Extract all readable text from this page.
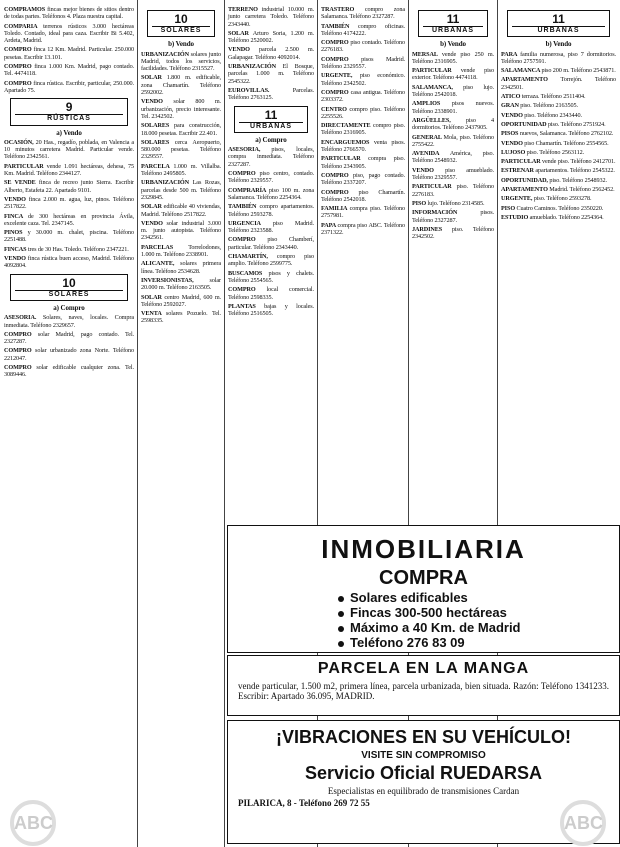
COMPRAMOS fincas mejor bienes de sitios dentro de todas partes. Teléfonos 4. Plaza nuestra capital.

COMPARIA terrenos rústicos 3.000 hectáreas Toledo. Contado, ideal para caza. Escribir Bi 5.402, Ardeta, Madrid.

COMPRO finca 12 Km. Madrid. Particular. 250.000 pesetas. Escribir 13.101.

COMPRO finca 1.000 Km. Madrid, pago contado. Tel. 4474118.

COMPRO finca rústica. Escribir, particular, 250.000. Apartado 75.

9
RÚSTICAS
a) Vendo

OCASIÓN, 20 Has., regadío, poblada, en Valencia a 10 minutos carretera Madrid. Particular vende. Teléfono 2342561.

PARTICULAR vende 1.091 hectáreas, dehesa, 75 Km. Madrid. Teléfono 2344127.

SE VENDE finca de recreo junto Sierra. Escribir Alberto, Estafeta 22. Apartado 9101.

VENDO finca 2.000 m. agua, luz, pinos. Teléfono 2517822.

FINCA de 300 hectáreas en provincia Ávila, excelente caza. Tel. 2347145.

PINOS y 30.000 m. chalet, piscina. Teléfono 2251488.

FINCAS tres de 30 Has. Toledo. Teléfono 2347221.

VENDO finca rústica buen acceso, Madrid. Teléfono 4092804.

10
SOLARES
a) Compro

ASESORIA. Solares, naves, locales. Compra inmediata. Teléfono 2329657.

COMPRO solar Madrid, pago contado. Tel. 2327287.

COMPRO solar urbanizado zona Norte. Teléfono 2212047.

COMPRO solar edificable cualquier zona. Tel. 3089446.

10
SOLARES
b) Vendo

URBANIZACIÓN solares junto Madrid, todos los servicios, facilidades. Teléfono 2315527.

SOLAR 1.800 m. edificable, zona Chamartín. Teléfono 2592002.

VENDO solar 800 m. urbanización, precio interesante. Tel. 2342502.

SOLARES para construcción, 18.000 pesetas. Escribir 22.401.

SOLARES cerca Aeropuerto, 580.000 pesetas. Teléfono 2329557.

PARCELA 1.000 m. Villalba. Teléfono 2495805.

URBANIZACIÓN Las Rozas, parcelas desde 500 m. Teléfono 2329845.

SOLAR edificable 40 viviendas, Madrid. Teléfono 2517822.

VENDO solar industrial 3.000 m. junto autopista. Teléfono 2342561.

PARCELAS Torrelodones, 1.000 m. Teléfono 2338901.

ALICANTE, solares primera línea. Teléfono 2534628.

INVERSIONISTAS, solar 20.000 m. Teléfono 2163505.

SOLAR centro Madrid, 600 m. Teléfono 2592027.

VENTA solares Pozuelo. Tel. 2598335.

TERRENO industrial 10.000 m. junto carretera Toledo. Teléfono 2343440.

SOLAR Arturo Soria, 1.200 m. Teléfono 2520002.

VENDO parcela 2.500 m. Galapagar. Teléfono 4092014.

URBANIZACIÓN El Bosque, parcelas 1.000 m. Teléfono 2545322.

EUROVILLAS. Parcelas. Teléfono 2763125.

11
URBANAS
a) Compro

ASESORIA, pisos, locales, compra inmediata. Teléfono 2327287.

COMPRO piso centro, contado. Teléfono 2329557.

COMPRARÍA piso 100 m. zona Salamanca. Teléfono 2254364.

TAMBIÉN compro apartamentos. Teléfono 2593278.

URGENCIA piso Madrid. Teléfono 2323588.

COMPRO piso Chamberí, particular. Teléfono 2343440.

CHAMARTÍN, compro piso amplio. Teléfono 2599775.

BUSCAMOS pisos y chalets. Teléfono 2554565.

COMPRO local comercial. Teléfono 2598335.

PLANTAS bajas y locales. Teléfono 2516505.

TRASTERO compro zona Salamanca. Teléfono 2327287.

TAMBIÉN compro oficinas. Teléfono 4174222.

COMPRO piso contado. Teléfono 2276183.

COMPRO pisos Madrid. Teléfono 2329557.

URGENTE, piso económico. Teléfono 2342502.

COMPRO casa antigua. Teléfono 2303372.

CENTRO compro piso. Teléfono 2255526.

DIRECTAMENTE compro piso. Teléfono 2316905.

ENCARGUEMOS venta pisos. Teléfono 2766570.

PARTICULAR compra piso. Teléfono 2343905.

COMPRO piso, pago contado. Teléfono 2337207.

COMPRO piso Chamartín. Teléfono 2542018.

FAMILIA compra piso. Teléfono 2757981.

PAPA compra piso ABC. Teléfono 2371322.

11
URBANAS
b) Vendo

MERSAL vende piso 250 m. Teléfono 2316905.

PARTICULAR vende piso exterior. Teléfono 4474118.

SALAMANCA, piso lujo. Teléfono 2542018.

AMPLIOS pisos nuevos. Teléfono 2338901.

ARGÜELLES, piso 4 dormitorios. Teléfono 2437905.

GENERAL Mola, piso. Teléfono 2755422.

AVENIDA América, piso. Teléfono 2548932.

VENDO piso amueblado. Teléfono 2329557.

PARTICULAR piso. Teléfono 2276183.

PISO lujo. Teléfono 2314585.

INFORMACIÓN pisos. Teléfono 2327287.

JARDINES piso. Teléfono 2342502.

11
URBANAS
b) Vendo

PARA familia numerosa, piso 7 dormitorios. Teléfono 2757591.

SALAMANCA piso 200 m. Teléfono 2543871.

APARTAMENTO Torrejón. Teléfono 2342501.

ATICO terraza. Teléfono 2511404.

GRAN piso. Teléfono 2163505.

VENDO piso. Teléfono 2343440.

OPORTUNIDAD piso. Teléfono 2751924.

PISOS nuevos, Salamanca. Teléfono 2762102.

VENDO piso Chamartín. Teléfono 2554565.

LUJOSO piso. Teléfono 2563112.

PARTICULAR vende piso. Teléfono 2412701.

ESTRENAR apartamentos. Teléfono 2545322.

OPORTUNIDAD, piso. Teléfono 2548932.

APARTAMENTO Madrid. Teléfono 2562452.

URGENTE, piso. Teléfono 2593278.

PISO Cuatro Caminos. Teléfono 2350220.

ESTUDIO amueblado. Teléfono 2254364.

INMOBILIARIA
COMPRA
Solares edificables
Fincas 300-500 hectáreas
Máximo a 40 Km. de Madrid
Teléfono 276 83 09
PARCELA EN LA MANGA
vende particular, 1.500 m2, primera línea, parcela urbanizada, bien situada. Razón: Teléfono 1341233. Escribir: Apartado 36.095, MADRID.
¡VIBRACIONES EN SU VEHÍCULO!
VISITE SIN COMPROMISO
Servicio Oficial RUEDARSA
Especialistas en equilibrado de transmisiones Cardan
PILARICA, 8 - Teléfono 269 72 55
ABC	ABC
